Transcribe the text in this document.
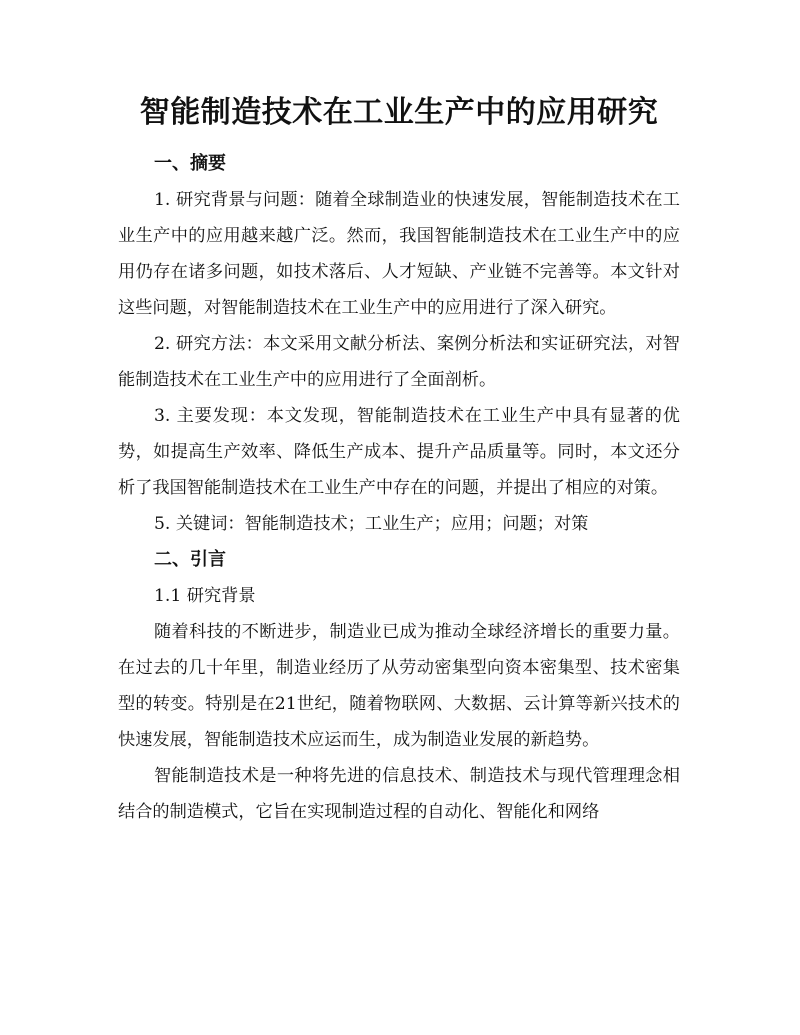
智能制造技术在工业生产中的应用研究
一、摘要

1. 研究背景与问题：随着全球制造业的快速发展，智能制造技术在工业生产中的应用越来越广泛。然而，我国智能制造技术在工业生产中的应用仍存在诸多问题，如技术落后、人才短缺、产业链不完善等。本文针对这些问题，对智能制造技术在工业生产中的应用进行了深入研究。

2. 研究方法：本文采用文献分析法、案例分析法和实证研究法，对智能制造技术在工业生产中的应用进行了全面剖析。

3. 主要发现：本文发现，智能制造技术在工业生产中具有显著的优势，如提高生产效率、降低生产成本、提升产品质量等。同时，本文还分析了我国智能制造技术在工业生产中存在的问题，并提出了相应的对策。

5. 关键词：智能制造技术；工业生产；应用；问题；对策

二、引言

1.1 研究背景

随着科技的不断进步，制造业已成为推动全球经济增长的重要力量。在过去的几十年里，制造业经历了从劳动密集型向资本密集型、技术密集型的转变。特别是在21世纪，随着物联网、大数据、云计算等新兴技术的快速发展，智能制造技术应运而生，成为制造业发展的新趋势。

智能制造技术是一种将先进的信息技术、制造技术与现代管理理念相结合的制造模式，它旨在实现制造过程的自动化、智能化和网络
